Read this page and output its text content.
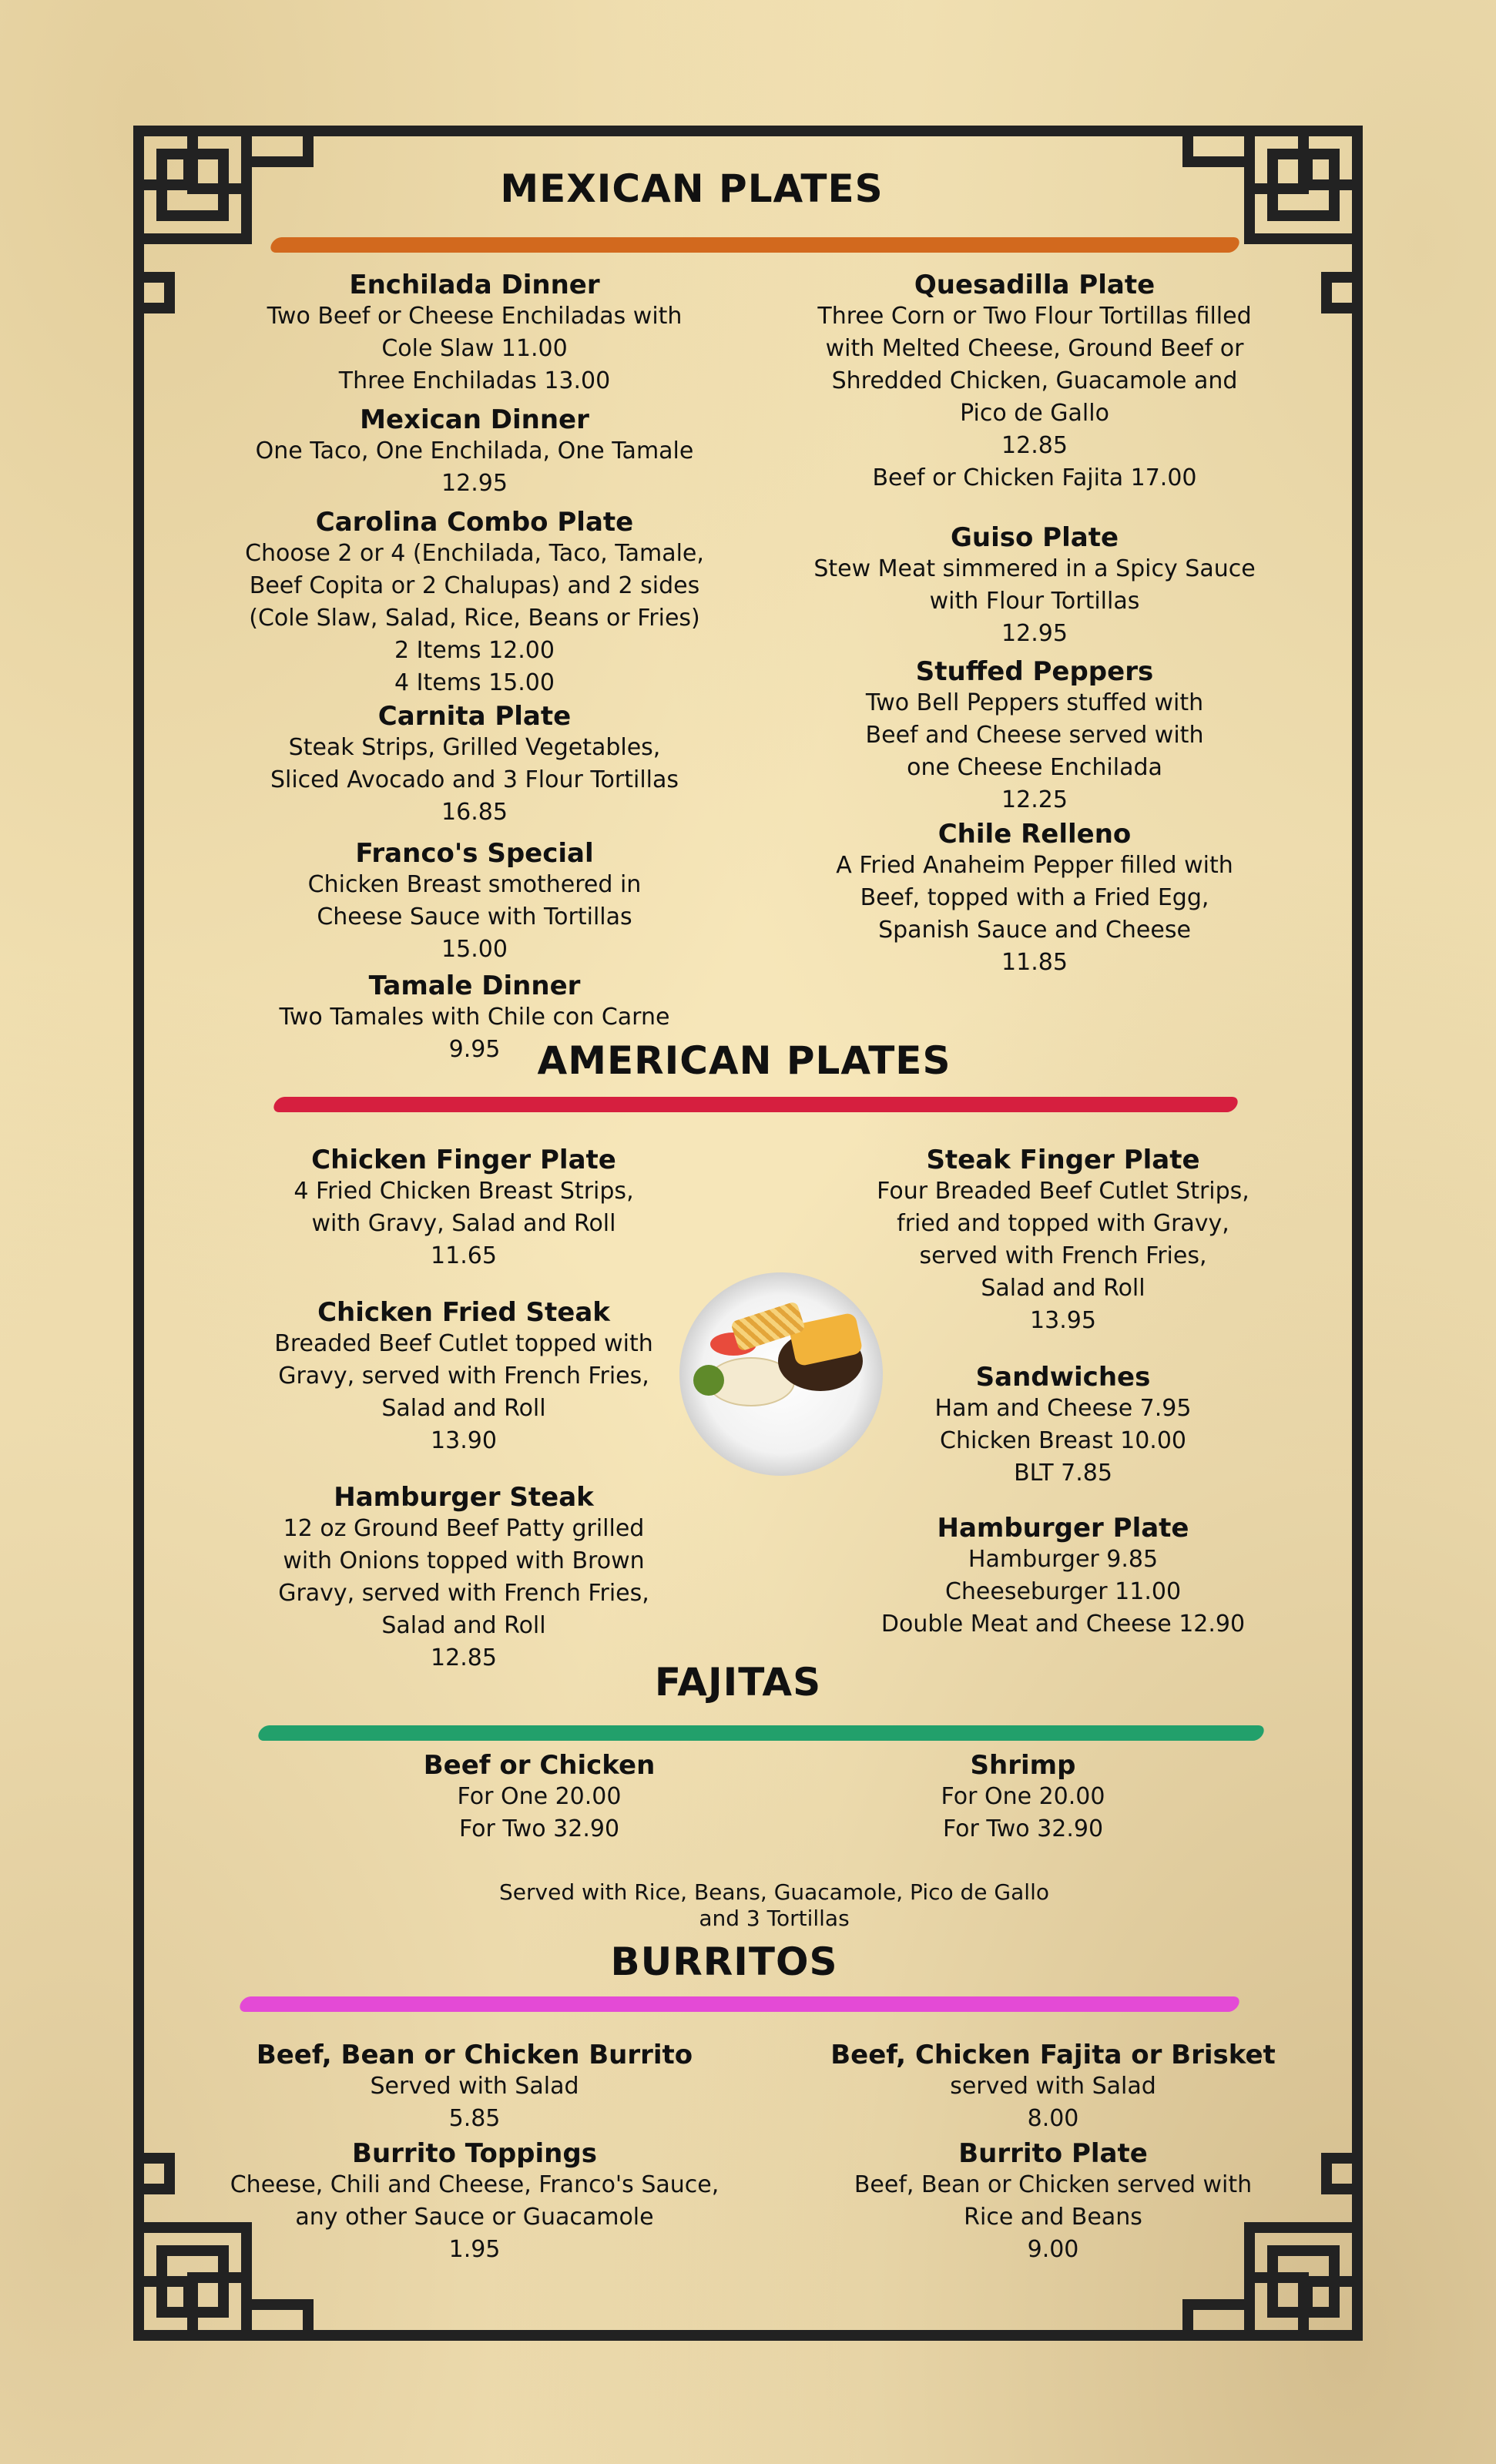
MEXICAN PLATES
AMERICAN PLATES
FAJITAS
BURRITOS
Enchilada Dinner
Two Beef or Cheese Enchiladas with
Cole Slaw 11.00
Three Enchiladas 13.00
Mexican Dinner
One Taco, One Enchilada, One Tamale
12.95
Carolina Combo Plate
Choose 2 or 4 (Enchilada, Taco, Tamale,
Beef Copita or 2 Chalupas) and 2 sides
(Cole Slaw, Salad, Rice, Beans or Fries)
2 Items 12.00
4 Items 15.00
Carnita Plate
Steak Strips, Grilled Vegetables,
Sliced Avocado and 3 Flour Tortillas
16.85
Franco's Special
Chicken Breast smothered in
Cheese Sauce with Tortillas
15.00
Tamale Dinner
Two Tamales with Chile con Carne
9.95
Quesadilla Plate
Three Corn or Two Flour Tortillas filled
with Melted Cheese, Ground Beef or
Shredded Chicken, Guacamole and
Pico de Gallo
12.85
Beef or Chicken Fajita 17.00
Guiso Plate
Stew Meat simmered in a Spicy Sauce
with Flour Tortillas
12.95
Stuffed Peppers
Two Bell Peppers stuffed with
Beef and Cheese served with
one Cheese Enchilada
12.25
Chile Relleno
A Fried Anaheim Pepper filled with
Beef, topped with a Fried Egg,
Spanish Sauce and Cheese
11.85
Chicken Finger Plate
4 Fried Chicken Breast Strips,
with Gravy, Salad and Roll
11.65
Chicken Fried Steak
Breaded Beef Cutlet topped with
Gravy, served with French Fries,
Salad and Roll
13.90
Hamburger Steak
12 oz Ground Beef Patty grilled
with Onions topped with Brown
Gravy, served with French Fries,
Salad and Roll
12.85
Steak Finger Plate
Four Breaded Beef Cutlet Strips,
fried and topped with Gravy,
served with French Fries,
Salad and Roll
13.95
Sandwiches
Ham and Cheese 7.95
Chicken Breast 10.00
BLT 7.85
Hamburger Plate
Hamburger 9.85
Cheeseburger 11.00
Double Meat and Cheese 12.90
Beef or Chicken
For One 20.00
For Two 32.90
Shrimp
For One 20.00
For Two 32.90
Served with Rice, Beans, Guacamole, Pico de Gallo
and 3 Tortillas
Beef, Bean or Chicken Burrito
Served with Salad
5.85
Burrito Toppings
Cheese, Chili and Cheese, Franco's Sauce,
any other Sauce or Guacamole
1.95
Beef, Chicken Fajita or Brisket
served with Salad
8.00
Burrito Plate
Beef, Bean or Chicken served with
Rice and Beans
9.00
